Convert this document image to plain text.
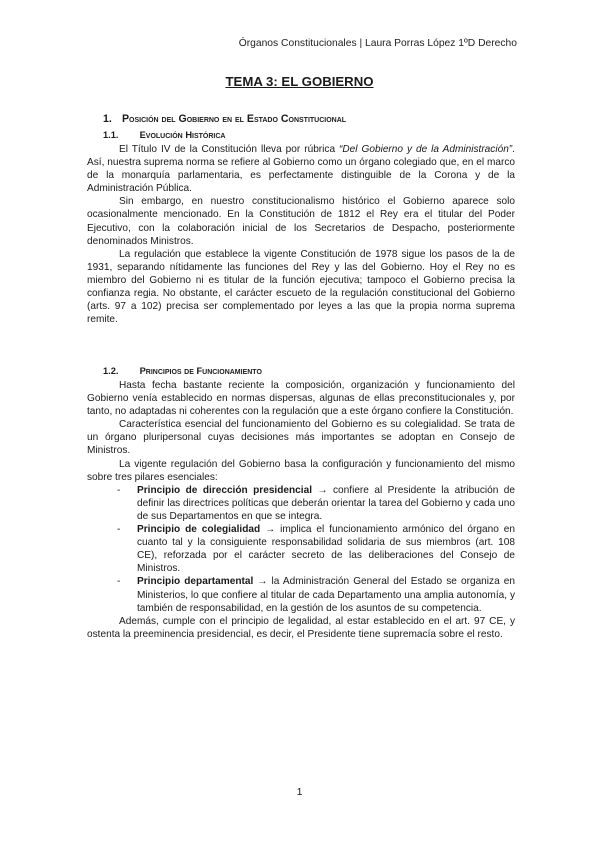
Órganos Constitucionales | Laura Porras López 1ºD Derecho
TEMA 3: EL GOBIERNO
1. Posición del Gobierno en el Estado Constitucional
1.1. Evolución Histórica

El Título IV de la Constitución lleva por rúbrica “Del Gobierno y de la Administración”. Así, nuestra suprema norma se refiere al Gobierno como un órgano colegiado que, en el marco de la monarquía parlamentaria, es perfectamente distinguible de la Corona y de la Administración Pública.

Sin embargo, en nuestro constitucionalismo histórico el Gobierno aparece solo ocasionalmente mencionado. En la Constitución de 1812 el Rey era el titular del Poder Ejecutivo, con la colaboración inicial de los Secretarios de Despacho, posteriormente denominados Ministros.

La regulación que establece la vigente Constitución de 1978 sigue los pasos de la de 1931, separando nítidamente las funciones del Rey y las del Gobierno. Hoy el Rey no es miembro del Gobierno ni es titular de la función ejecutiva; tampoco el Gobierno precisa la confianza regia. No obstante, el carácter escueto de la regulación constitucional del Gobierno (arts. 97 a 102) precisa ser complementado por leyes a las que la propia norma suprema remite.

1.2. Principios de Funcionamiento

Hasta fecha bastante reciente la composición, organización y funcionamiento del Gobierno venía establecido en normas dispersas, algunas de ellas preconstitucionales y, por tanto, no adaptadas ni coherentes con la regulación que a este órgano confiere la Constitución.

Característica esencial del funcionamiento del Gobierno es su colegialidad. Se trata de un órgano pluripersonal cuyas decisiones más importantes se adoptan en Consejo de Ministros.

La vigente regulación del Gobierno basa la configuración y funcionamiento del mismo sobre tres pilares esenciales:

- Principio de dirección presidencial → confiere al Presidente la atribución de definir las directrices políticas que deberán orientar la tarea del Gobierno y cada uno de sus Departamentos en que se integra.
- Principio de colegialidad → implica el funcionamiento armónico del órgano en cuanto tal y la consiguiente responsabilidad solidaria de sus miembros (art. 108 CE), reforzada por el carácter secreto de las deliberaciones del Consejo de Ministros.
- Principio departamental → la Administración General del Estado se organiza en Ministerios, lo que confiere al titular de cada Departamento una amplia autonomía, y también de responsabilidad, en la gestión de los asuntos de su competencia.

Además, cumple con el principio de legalidad, al estar establecido en el art. 97 CE, y ostenta la preeminencia presidencial, es decir, el Presidente tiene supremacía sobre el resto.

1
